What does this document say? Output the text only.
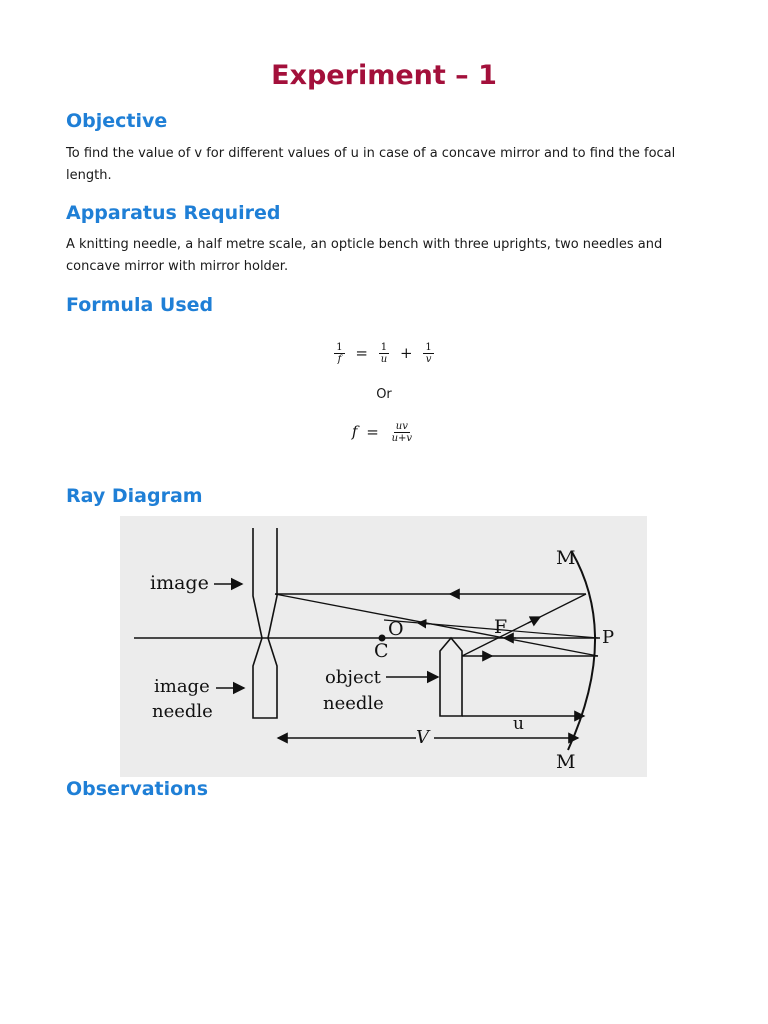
Experiment – 1
Objective
To find the value of v for different values of u in case of a concave mirror and to find the focal length.
Apparatus Required
A knitting needle, a half metre scale, an opticle bench with three uprights, two needles and concave mirror with mirror holder.
Formula Used
$\frac{1}{f} = \frac{1}{u} + \frac{1}{v}$
Or
$f = \frac{uv}{u+v}$
Ray Diagram
image
image
needle
object
needle
O
C
F	P
M
M
u
V
Observations
